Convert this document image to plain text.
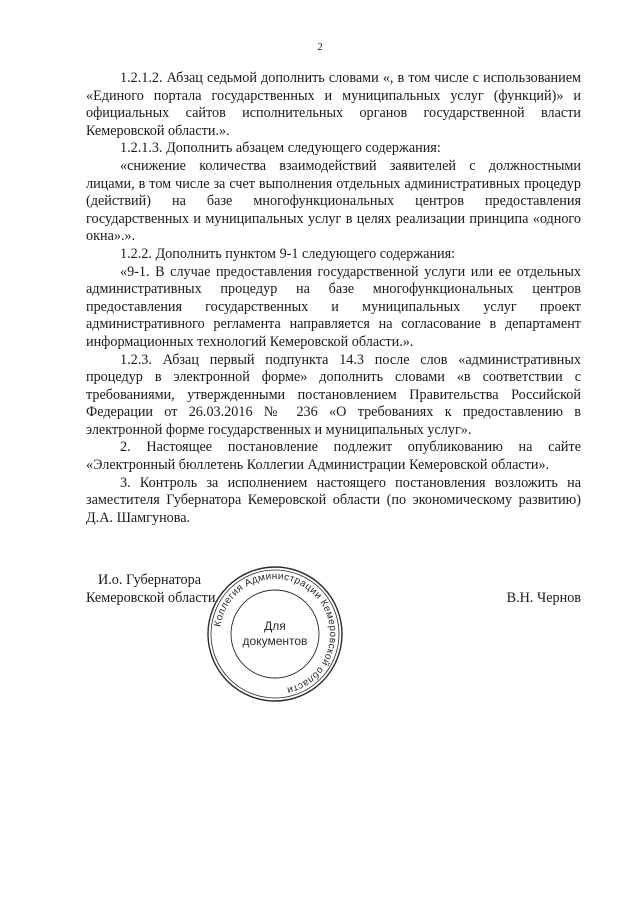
2

1.2.1.2. Абзац седьмой дополнить словами «, в том числе с использованием «Единого портала государственных и муниципальных услуг (функций)» и официальных сайтов исполнительных органов государственной власти Кемеровской области.».

1.2.1.3. Дополнить абзацем следующего содержания:

«снижение количества взаимодействий заявителей с должностными лицами, в том числе за счет выполнения отдельных административных процедур (действий) на базе многофункциональных центров предоставления государственных и муниципальных услуг в целях реализации принципа «одного окна».».

1.2.2. Дополнить пунктом 9-1 следующего содержания:

«9-1. В случае предоставления государственной услуги или ее отдельных административных процедур на базе многофункциональных центров предоставления государственных и муниципальных услуг проект административного регламента направляется на согласование в департамент информационных технологий Кемеровской области.».

1.2.3. Абзац первый подпункта 14.3 после слов «административных процедур в электронной форме» дополнить словами «в соответствии с требованиями, утвержденными постановлением Правительства Российской Федерации от 26.03.2016 № 236 «О требованиях к предоставлению в электронной форме государственных и муниципальных услуг».

2. Настоящее постановление подлежит опубликованию на сайте «Электронный бюллетень Коллегии Администрации Кемеровской области».

3. Контроль за исполнением настоящего постановления возложить на заместителя Губернатора Кемеровской области (по экономическому развитию) Д.А. Шамгунова.

И.о. Губернатора
Кемеровской области	В.Н. Чернов
Коллегия Администрации Кемеровской области
Для
документов
